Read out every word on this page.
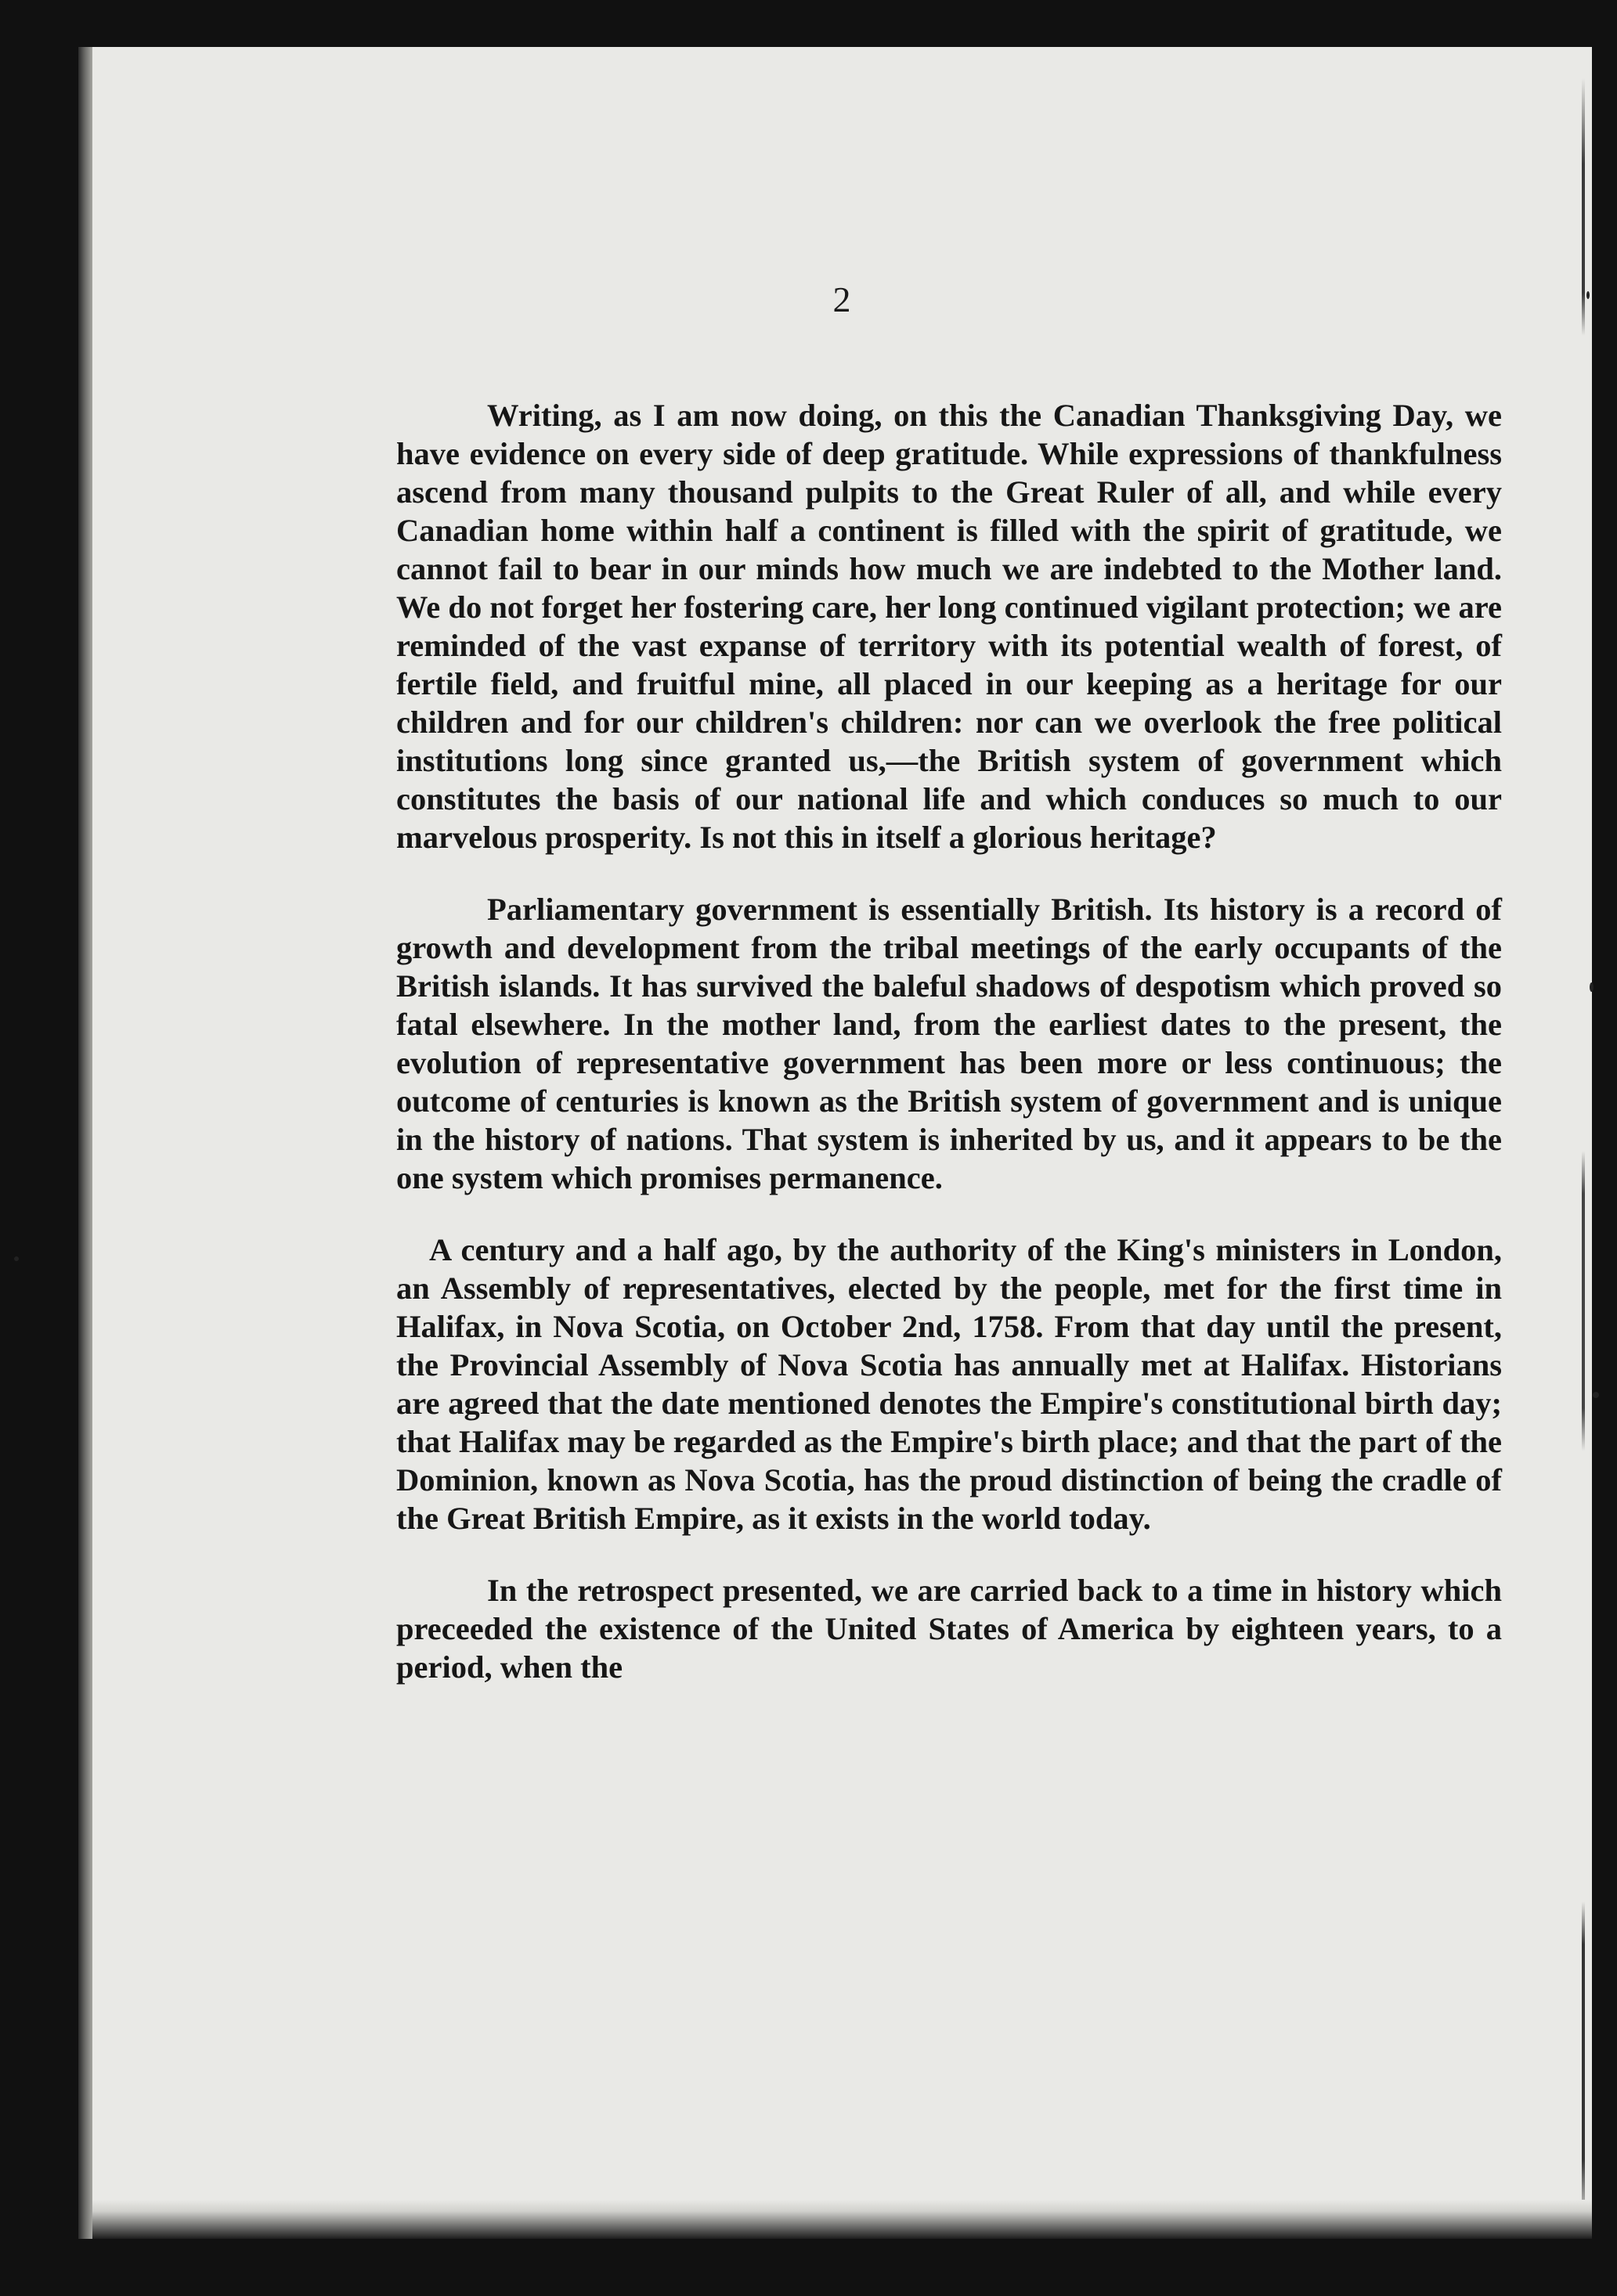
2

Writing, as I am now doing, on this the Canadian Thanksgiving Day, we have evidence on every side of deep gratitude. While expressions of thankfulness ascend from many thousand pulpits to the Great Ruler of all, and while every Canadian home within half a continent is filled with the spirit of gratitude, we cannot fail to bear in our minds how much we are indebted to the Mother land. We do not forget her fostering care, her long continued vigilant protection; we are reminded of the vast expanse of territory with its potential wealth of forest, of fertile field, and fruitful mine, all placed in our keeping as a heritage for our children and for our children's children: nor can we overlook the free political institutions long since granted us,—the British system of government which constitutes the basis of our national life and which conduces so much to our marvelous prosperity. Is not this in itself a glorious heritage?

Parliamentary government is essentially British. Its history is a record of growth and development from the tribal meetings of the early occupants of the British islands. It has survived the baleful shadows of despotism which proved so fatal elsewhere. In the mother land, from the earliest dates to the present, the evolution of representative government has been more or less continuous; the outcome of centuries is known as the British system of government and is unique in the history of nations. That system is inherited by us, and it appears to be the one system which promises permanence.

A century and a half ago, by the authority of the King's ministers in London, an Assembly of representatives, elected by the people, met for the first time in Halifax, in Nova Scotia, on October 2nd, 1758. From that day until the present, the Provincial Assembly of Nova Scotia has annually met at Halifax. Historians are agreed that the date mentioned denotes the Empire's constitutional birth day; that Halifax may be regarded as the Empire's birth place; and that the part of the Dominion, known as Nova Scotia, has the proud distinction of being the cradle of the Great British Empire, as it exists in the world today.

In the retrospect presented, we are carried back to a time in history which preceeded the existence of the United States of America by eighteen years, to a period, when the
